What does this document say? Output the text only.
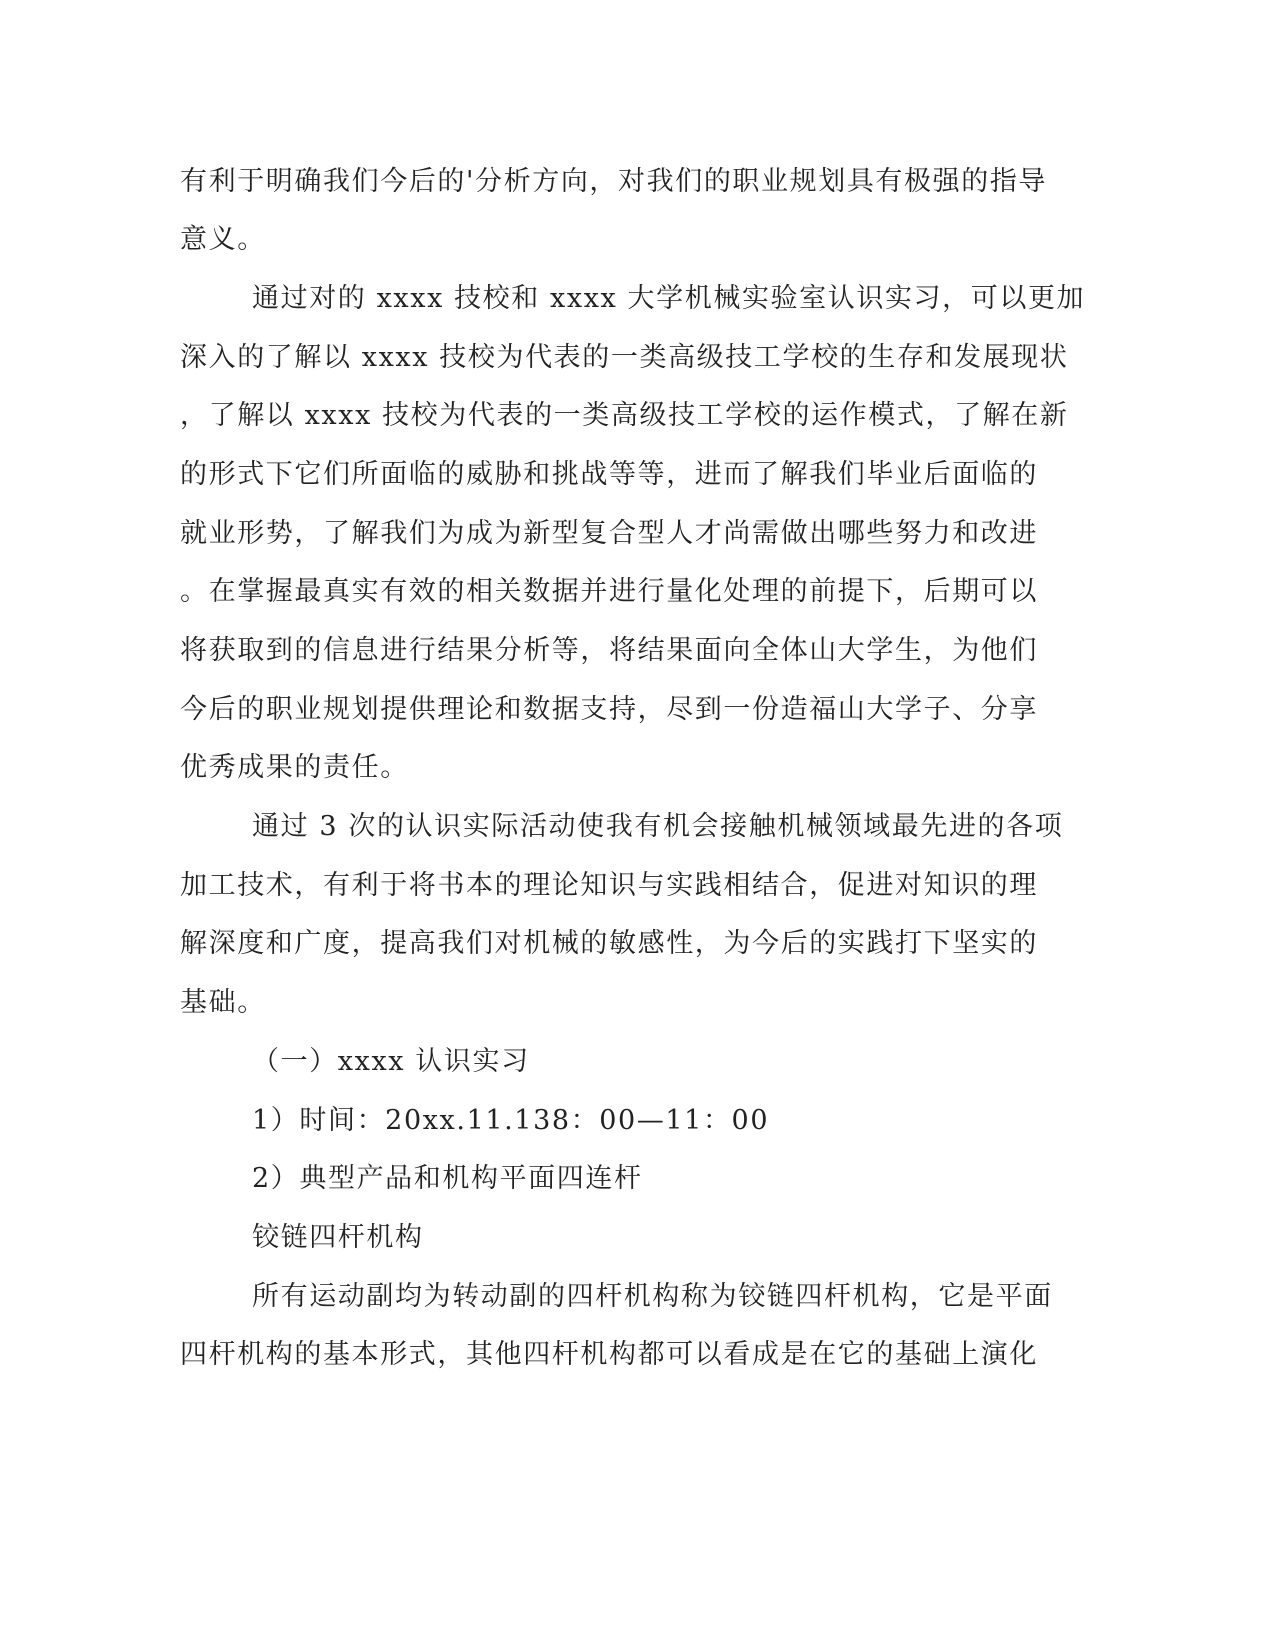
有利于明确我们今后的'分析方向，对我们的职业规划具有极强的指导
意义。
通过对的 xxxx 技校和 xxxx 大学机械实验室认识实习，可以更加
深入的了解以 xxxx 技校为代表的一类高级技工学校的生存和发展现状
，了解以 xxxx 技校为代表的一类高级技工学校的运作模式，了解在新
的形式下它们所面临的威胁和挑战等等，进而了解我们毕业后面临的
就业形势，了解我们为成为新型复合型人才尚需做出哪些努力和改进
。在掌握最真实有效的相关数据并进行量化处理的前提下，后期可以
将获取到的信息进行结果分析等，将结果面向全体山大学生，为他们
今后的职业规划提供理论和数据支持，尽到一份造福山大学子、分享
优秀成果的责任。
通过 3 次的认识实际活动使我有机会接触机械领域最先进的各项
加工技术，有利于将书本的理论知识与实践相结合，促进对知识的理
解深度和广度，提高我们对机械的敏感性，为今后的实践打下坚实的
基础。
（一）xxxx 认识实习
1）时间：20xx.11.138：00—11：00
2）典型产品和机构平面四连杆
铰链四杆机构
所有运动副均为转动副的四杆机构称为铰链四杆机构，它是平面
四杆机构的基本形式，其他四杆机构都可以看成是在它的基础上演化
